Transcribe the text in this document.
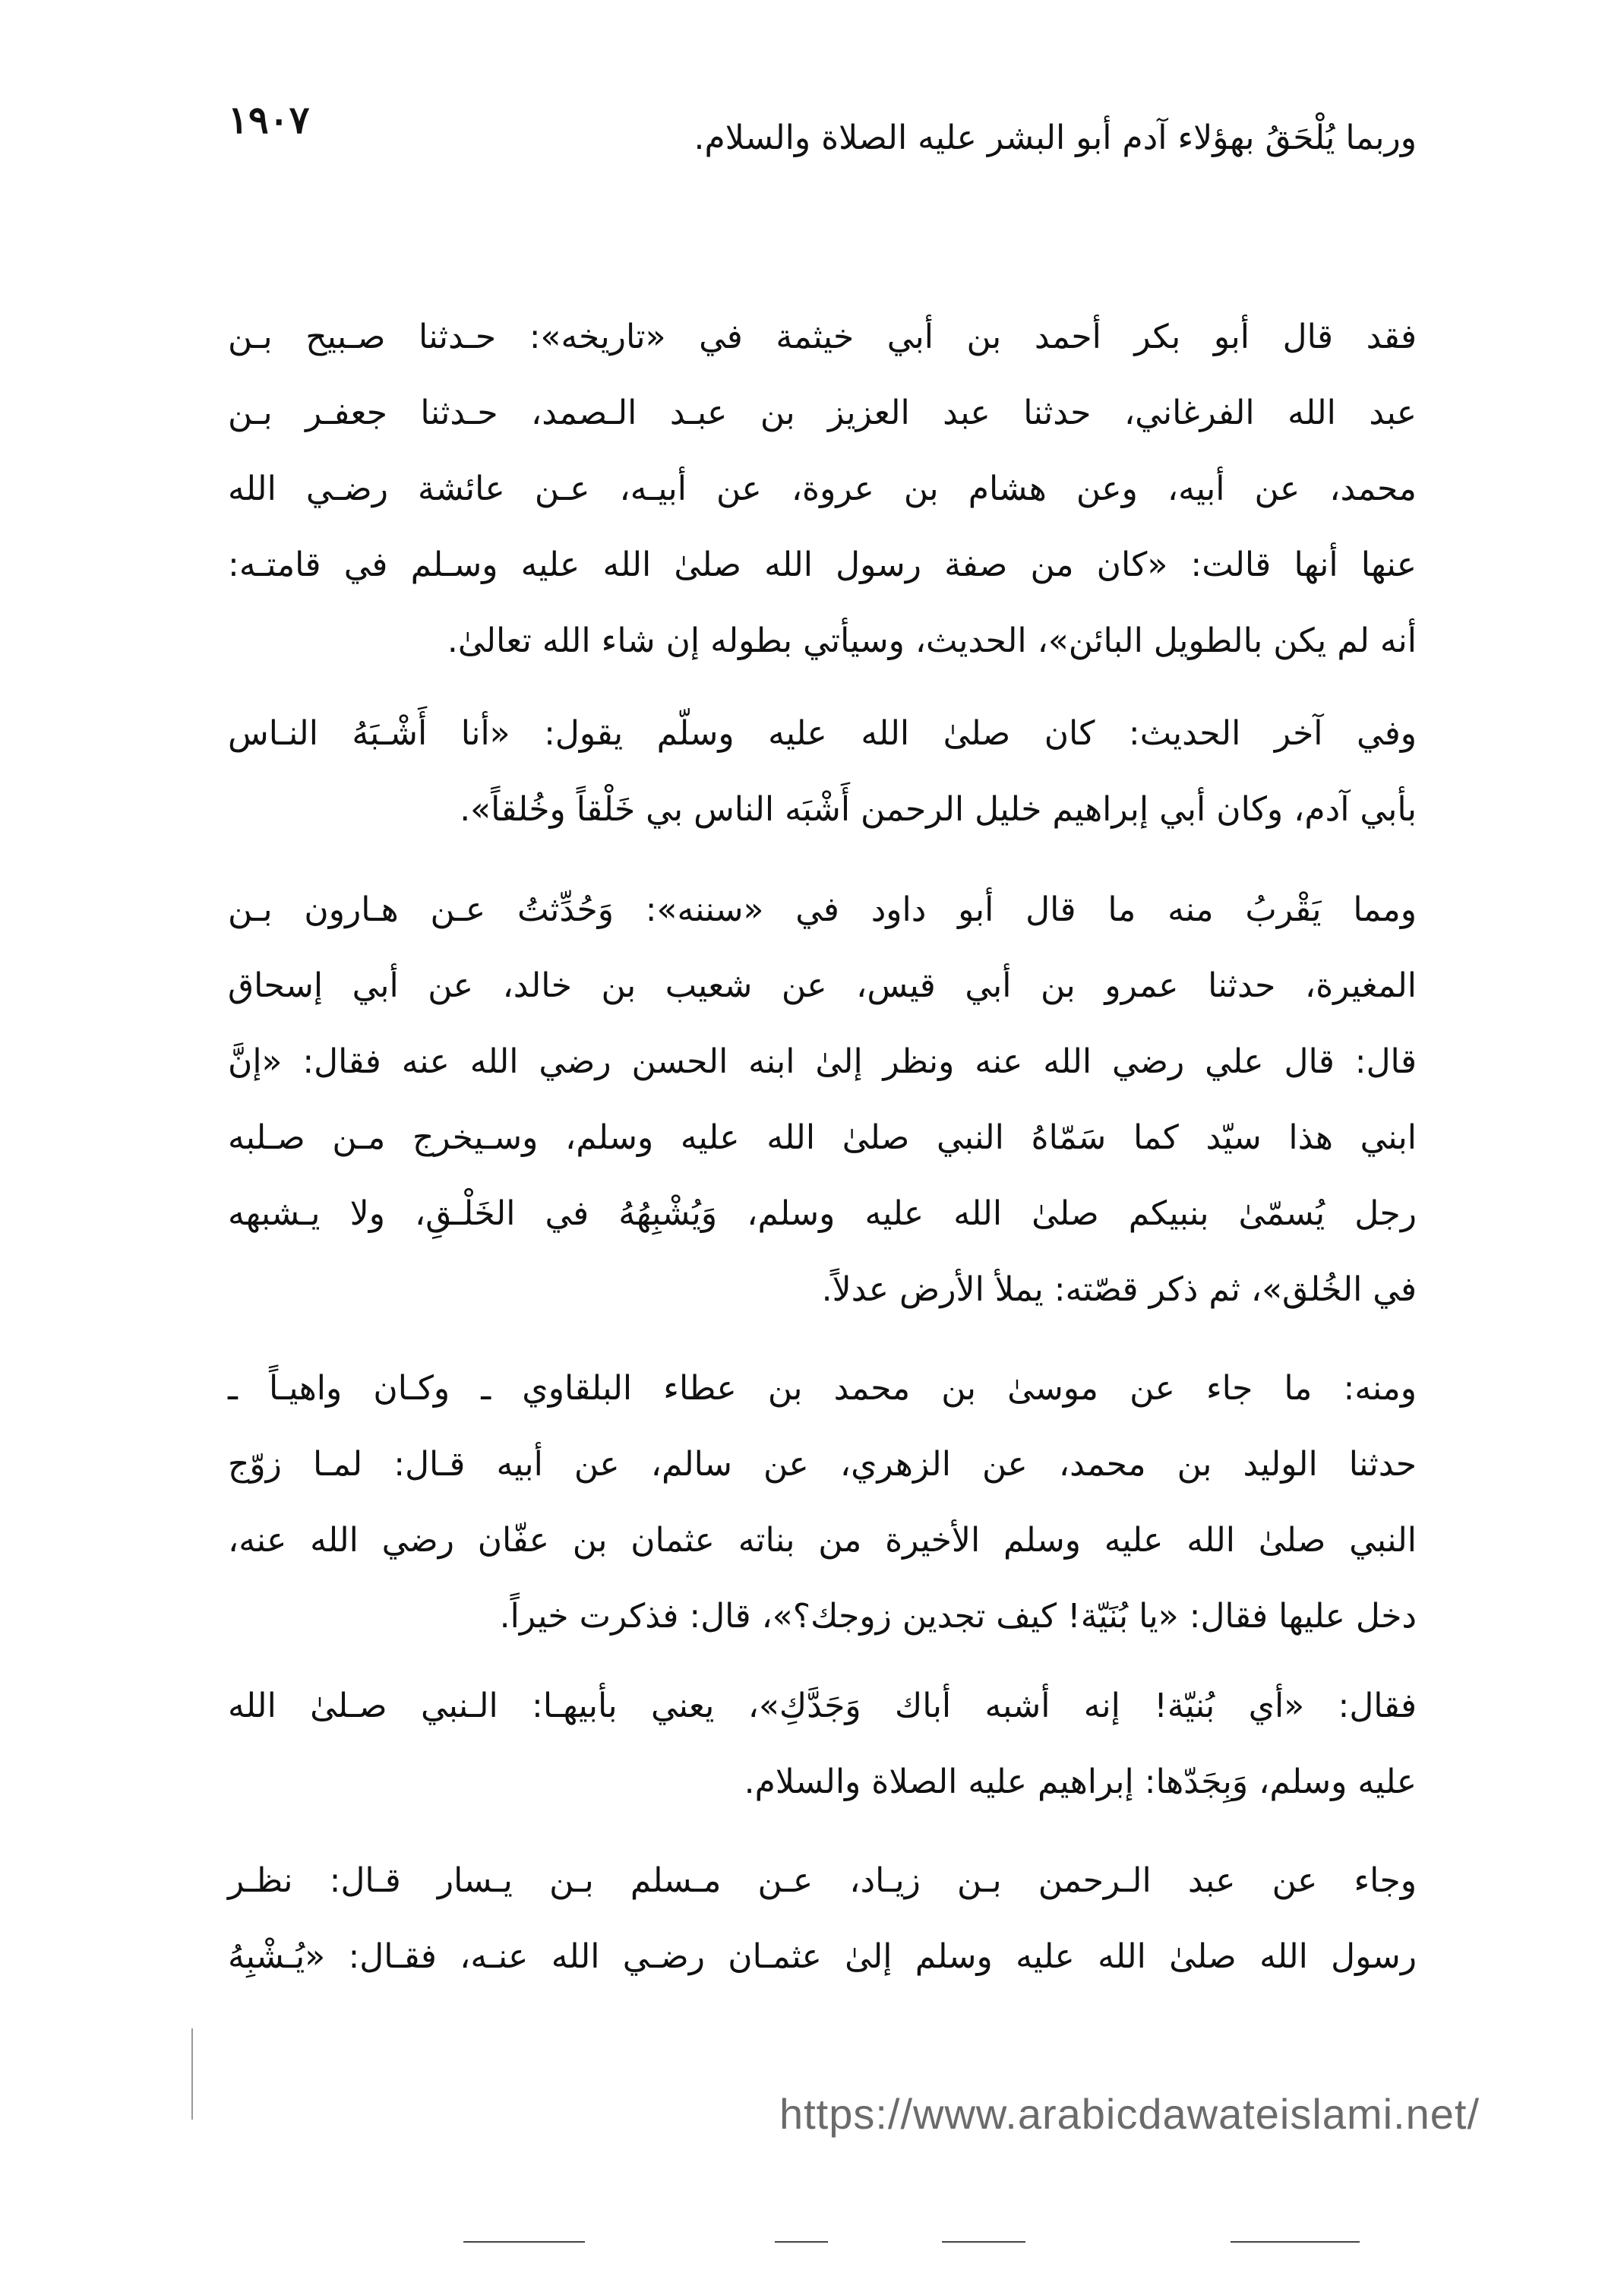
١٩٠٧	وربما يُلْحَقُ بهؤلاء آدم أبو البشر عليه الصلاة والسلام.
فقد قال أبو بكر أحمد بن أبي خيثمة في «تاريخه»: حـدثنا صـبيح بـن
عبد الله الفرغاني، حدثنا عبد العزيز بن عبـد الـصمد، حـدثنا جعفـر بـن
محمد، عن أبيه، وعن هشام بن عروة، عن أبيـه، عـن عائشة رضـي الله
عنها أنها قالت: «كان من صفة رسول الله صلىٰ الله عليه وسـلم في قامتـه:
أنه لم يكن بالطويل البائن»، الحديث، وسيأتي بطوله إن شاء الله تعالىٰ.
وفي آخر الحديث: كان صلىٰ الله عليه وسلّم يقول: «أنا أَشْـبَهُ النـاس
بأبي آدم، وكان أبي إبراهيم خليل الرحمن أَشْبَه الناس بي خَلْقاً وخُلقاً».
ومما يَقْربُ منه ما قال أبو داود في «سننه»: وَحُدِّثتُ عـن هـارون بـن
المغيرة، حدثنا عمرو بن أبي قيس، عن شعيب بن خالد، عن أبي إسحاق
قال: قال علي رضي الله عنه ونظر إلىٰ ابنه الحسن رضي الله عنه فقال: «إنَّ
ابني هذا سيّد كما سَمّاهُ النبي صلىٰ الله عليه وسلم، وسـيخرج مـن صـلبه
رجل يُسمّىٰ بنبيكم صلىٰ الله عليه وسلم، وَيُشْبِهُهُ في الخَلْـقِ، ولا يـشبهه
في الخُلق»، ثم ذكر قصّته: يملأ الأرض عدلاً.
ومنه: ما جاء عن موسىٰ بن محمد بن عطاء البلقاوي ـ وكـان واهيـاً ـ
حدثنا الوليد بن محمد، عن الزهري، عن سالم، عن أبيه قـال: لمـا زوّج
النبي صلىٰ الله عليه وسلم الأخيرة من بناته عثمان بن عفّان رضي الله عنه،
دخل عليها فقال: «يا بُنَيّة! كيف تجدين زوجك؟»، قال: فذكرت خيراً.
فقال: «أي بُنيّة! إنه أشبه أباك وَجَدَّكِ»، يعني بأبيهـا: الـنبي صـلىٰ الله
عليه وسلم، وَبِجَدّها: إبراهيم عليه الصلاة والسلام.
وجاء عن عبد الـرحمن بـن زيـاد، عـن مـسلم بـن يـسار قـال: نظـر
رسول الله صلىٰ الله عليه وسلم إلىٰ عثمـان رضـي الله عنـه، فقـال: «يُـشْبِهُ
https://www.arabicdawateislami.net/
